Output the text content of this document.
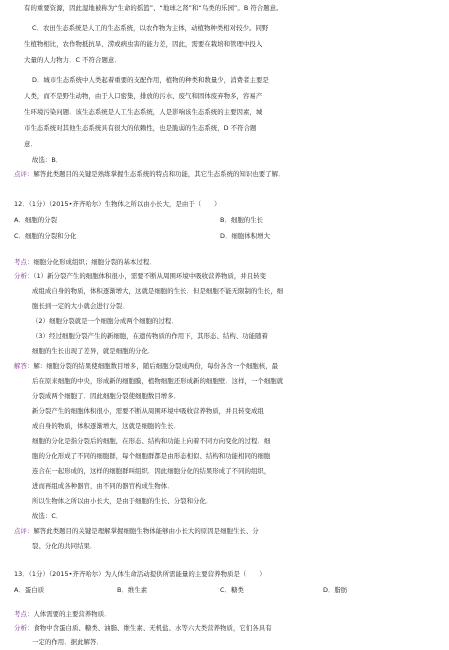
有的重要资源，因此湿地被称为“生命的摇篮”、“地球之肾”和“鸟类的乐园”。B 符合题意。
C．农田生态系统是人工的生态系统，以农作物为主体，动植物种类相对较少。同野
生植物相比，农作物抵抗旱、涝或病虫害的能力差，因此，需要在栽培和管理中投入
大量的人力物力．C 不符合题意．
D．城市生态系统中人类起着重要的支配作用，植物的种类和数量少，消费者主要是
人类，而不是野生动物，由于人口密集，排放的污水、废气和固体废弃物多，容易产
生环境污染问题．该生态系统是人工生态系统，人是影响该生态系统的主要因素，城
市生态系统对其他生态系统具有很大的依赖性，也是脆弱的生态系统，D 不符合题
意．
故选：B．
点评：解答此类题目的关键是熟练掌握生态系统的特点和功能，其它生态系统的知识也要了解．
12．（1分）（2015•齐齐哈尔）生物体之所以由小长大，是由于（　　）
A．细胞的分裂	B．细胞的生长
C．细胞的分裂和分化	D．细胞体积增大
考点：细胞分化形成组织；细胞分裂的基本过程．
分析：（1）新分裂产生的细胞体积很小，需要不断从周围环境中吸收营养物质，并且转变
成组成自身的物质，体积逐渐增大，这就是细胞的生长．但是细胞不能无限制的生长，细
胞长到一定的大小就会进行分裂．
（2）细胞分裂就是一个细胞分成两个细胞的过程．
（3）经过细胞分裂产生的新细胞，在遗传物质的作用下，其形态、结构、功能随着
细胞的生长出现了差异，就是细胞的分化．
解答：解：细胞分裂的结果使细胞数目增多，随后细胞分裂成两份，每份各含一个细胞核，最
后在原来细胞的中央，形成新的细胞膜，植物细胞还形成新的细胞壁．这样，一个细胞就
分裂成两个细胞了．因此细胞分裂使细胞数目增多．
新分裂产生的细胞体积很小，需要不断从周围环境中吸收营养物质，并且转变成组
成自身的物质，体积逐渐增大，这就是细胞的生长．
细胞的分化是指分裂后的细胞，在形态、结构和功能上向着不同方向变化的过程．细
胞的分化形成了不同的细胞群，每个细胞群都是由形态相似、结构和功能相同的细胞
连合在一起形成的，这样的细胞群叫组织．因此细胞分化的结果形成了不同的组织，
进而再组成各种器官，由不同的器官构成生物体．
所以生物体之所以由小长大，是由于细胞的生长、分裂和分化．
故选：C．
点评：解答此类题目的关键是理解掌握细胞生物体能够由小长大的原因是细胞生长、分
裂、分化的共同结果．
13．（1分）（2015•齐齐哈尔）为人体生命活动提供所需能量的主要营养物质是（　　）
A．蛋白质	B．维生素	C．糖类	D．脂肪
考点：人体需要的主要营养物质．
分析：食物中含蛋白质、糖类、油脂、维生素、无机盐、水等六大类营养物质，它们各具有
一定的作用．据此解答．
